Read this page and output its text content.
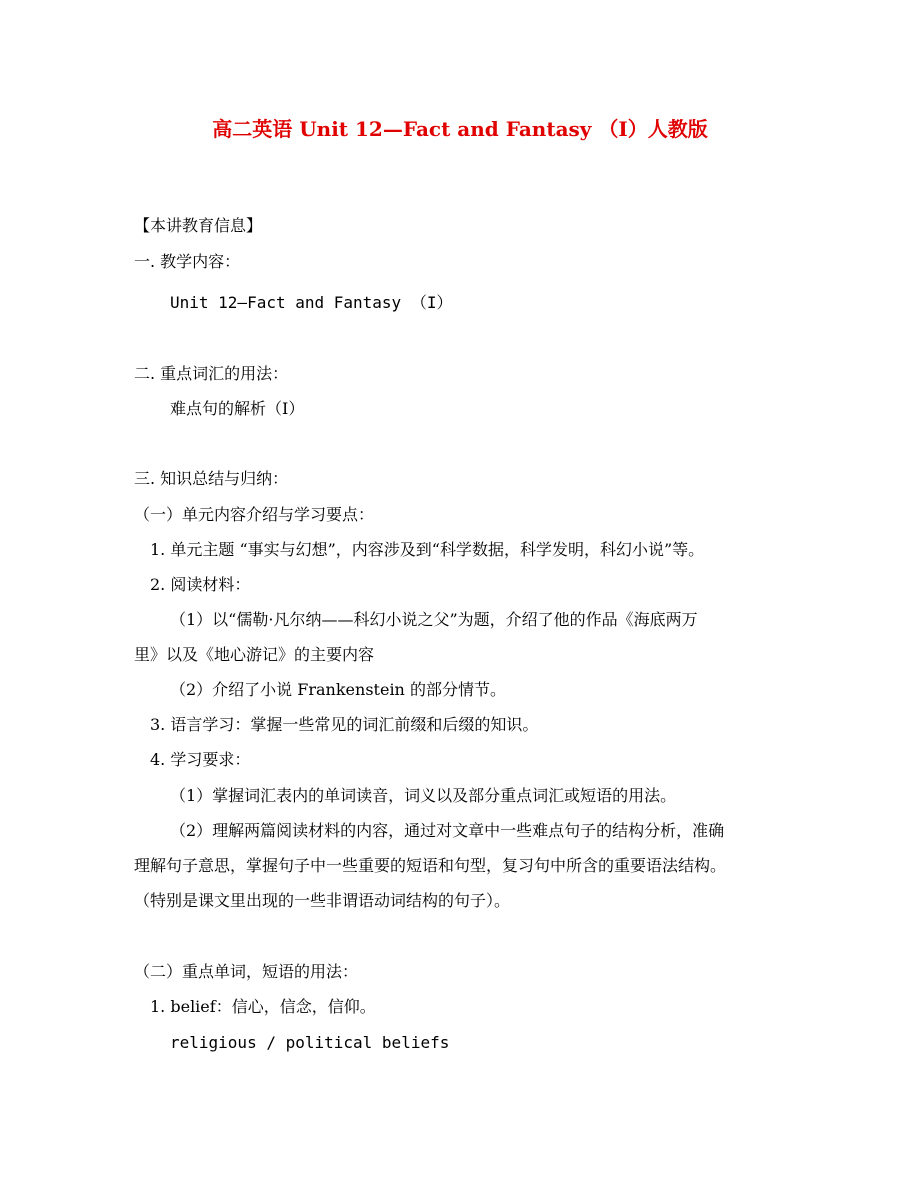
高二英语 Unit 12—Fact and Fantasy （I）人教版
【本讲教育信息】
一. 教学内容：
Unit 12—Fact and Fantasy （I）
二. 重点词汇的用法：
难点句的解析（I）
三. 知识总结与归纳：
（一）单元内容介绍与学习要点：
1. 单元主题 “事实与幻想”，内容涉及到“科学数据，科学发明，科幻小说”等。
2. 阅读材料：
（1）以“儒勒·凡尔纳——科幻小说之父”为题，介绍了他的作品《海底两万
里》以及《地心游记》的主要内容
（2）介绍了小说 Frankenstein 的部分情节。
3. 语言学习：掌握一些常见的词汇前缀和后缀的知识。
4. 学习要求：
（1）掌握词汇表内的单词读音，词义以及部分重点词汇或短语的用法。
（2）理解两篇阅读材料的内容，通过对文章中一些难点句子的结构分析，准确
理解句子意思，掌握句子中一些重要的短语和句型，复习句中所含的重要语法结构。
（特别是课文里出现的一些非谓语动词结构的句子）。
（二）重点单词，短语的用法：
1. belief：信心，信念，信仰。
religious / political beliefs
